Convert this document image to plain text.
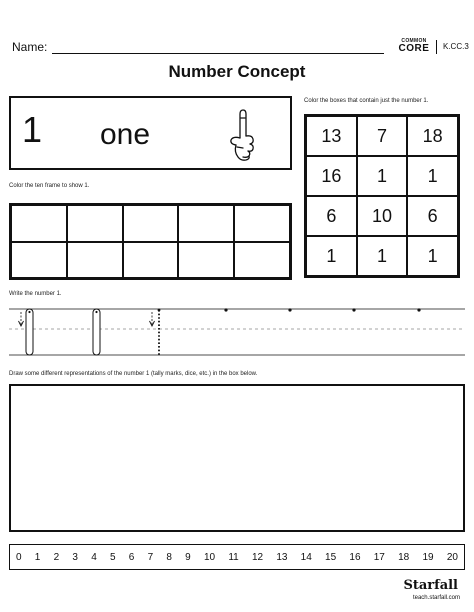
Name:	COMMON
CORE	K.CC.3
Number Concept
1 one
Color the boxes that contain just the number 1.
13	7	18
16	1	1
6	10	6
1	1	1
Color the ten frame to show 1.
Write the number 1.
Draw some different representations of the number 1 (tally marks, dice, etc.) in the box below.
0 1 2 3 4 5 6 7 8 9 10 11 12 13 14 15 16 17 18 19 20
Starfall
teach.starfall.com
